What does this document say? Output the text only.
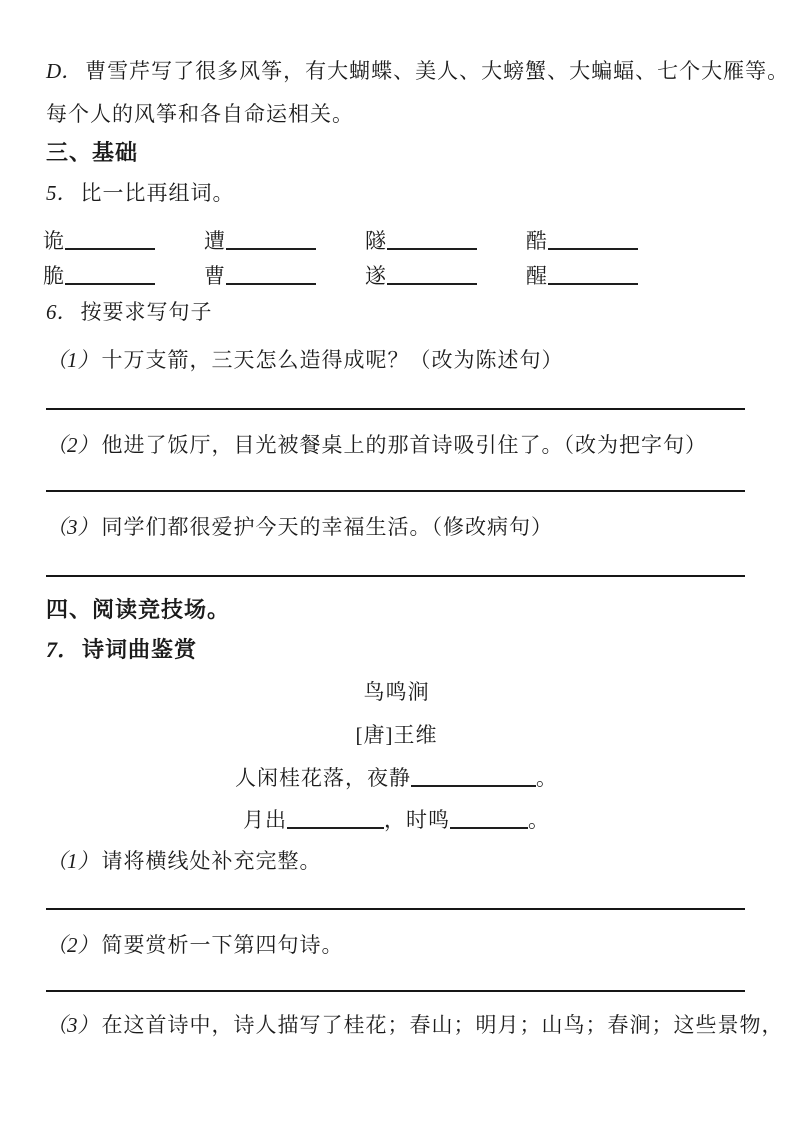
D． 曹雪芹写了很多风筝，有大蝴蝶、美人、大螃蟹、大蝙蝠、七个大雁等。
每个人的风筝和各自命运相关。
三、基础
5． 比一比再组词。
诡	遭	隧	酷
脆	曹	遂	醒
6． 按要求写句子
（1） 十万支箭，三天怎么造得成呢？（改为陈述句）
（2） 他进了饭厅，目光被餐桌上的那首诗吸引住了。（改为把字句）
（3） 同学们都很爱护今天的幸福生活。（修改病句）
四、阅读竞技场。
7． 诗词曲鉴赏
鸟鸣涧
[唐]王维
人闲桂花落，夜静	。
月出	，时鸣	。
（1） 请将横线处补充完整。
（2） 简要赏析一下第四句诗。
（3） 在这首诗中，诗人描写了桂花；春山；明月；山鸟；春涧；这些景物，
